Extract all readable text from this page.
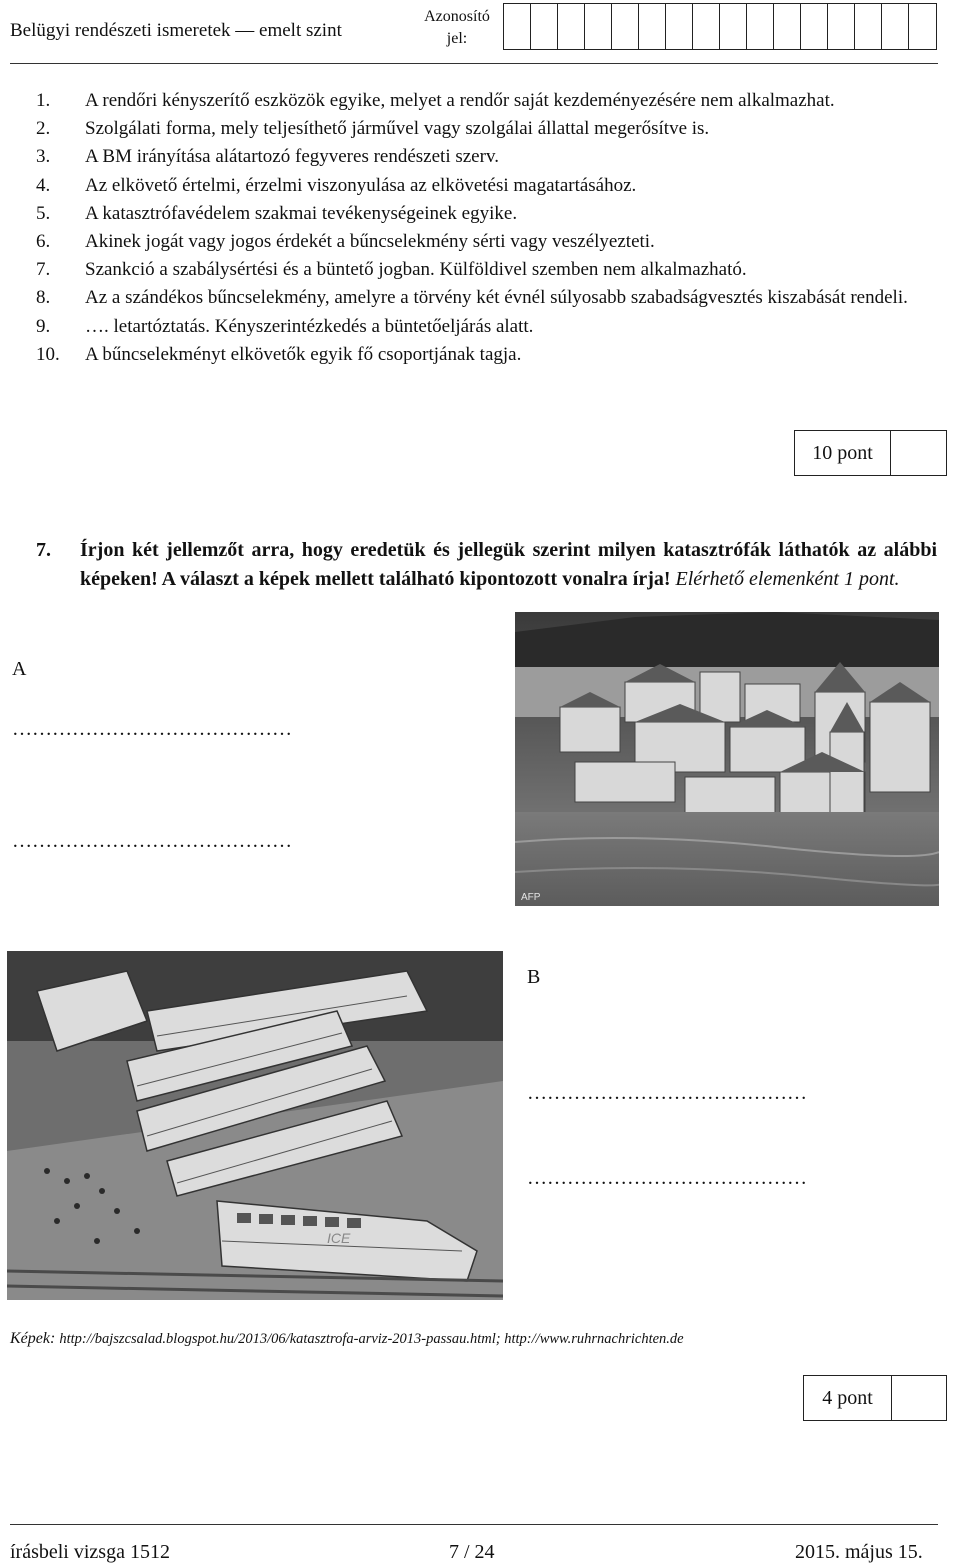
Belügyi rendészeti ismeretek — emelt szint
Azonosító
jel:
1.	A rendőri kényszerítő eszközök egyike, melyet a rendőr saját kezdeményezésére nem alkalmazhat.
2.	Szolgálati forma, mely teljesíthető járművel vagy szolgálai állattal megerősítve is.
3.	A BM irányítása alátartozó fegyveres rendészeti szerv.
4.	Az elkövető értelmi, érzelmi viszonyulása az elkövetési magatartásához.
5.	A katasztrófavédelem szakmai tevékenységeinek egyike.
6.	Akinek jogát vagy jogos érdekét a bűncselekmény sérti vagy veszélyezteti.
7.	Szankció a szabálysértési és a büntető jogban. Külföldivel szemben nem alkalmazható.
8.	Az a szándékos bűncselekmény, amelyre a törvény két évnél súlyosabb szabadságvesztés kiszabását rendeli.
9.	…. letartóztatás. Kényszerintézkedés a büntetőeljárás alatt.
10.	A bűncselekményt elkövetők egyik fő csoportjának tagja.
10 pont
7.	Írjon két jellemzőt arra, hogy eredetük és jellegük szerint milyen katasztrófák láthatók az alábbi képeken! A választ a képek mellett található kipontozott vonalra írja! Elérhető elemenként 1 pont.
A
……………………………………
……………………………………
AFP
ICE
B
……………………………………
……………………………………
Képek: http://bajszcsalad.blogspot.hu/2013/06/katasztrofa-arviz-2013-passau.html; http://www.ruhrnachrichten.de
4 pont
írásbeli vizsga 1512	7 / 24	2015. május 15.
